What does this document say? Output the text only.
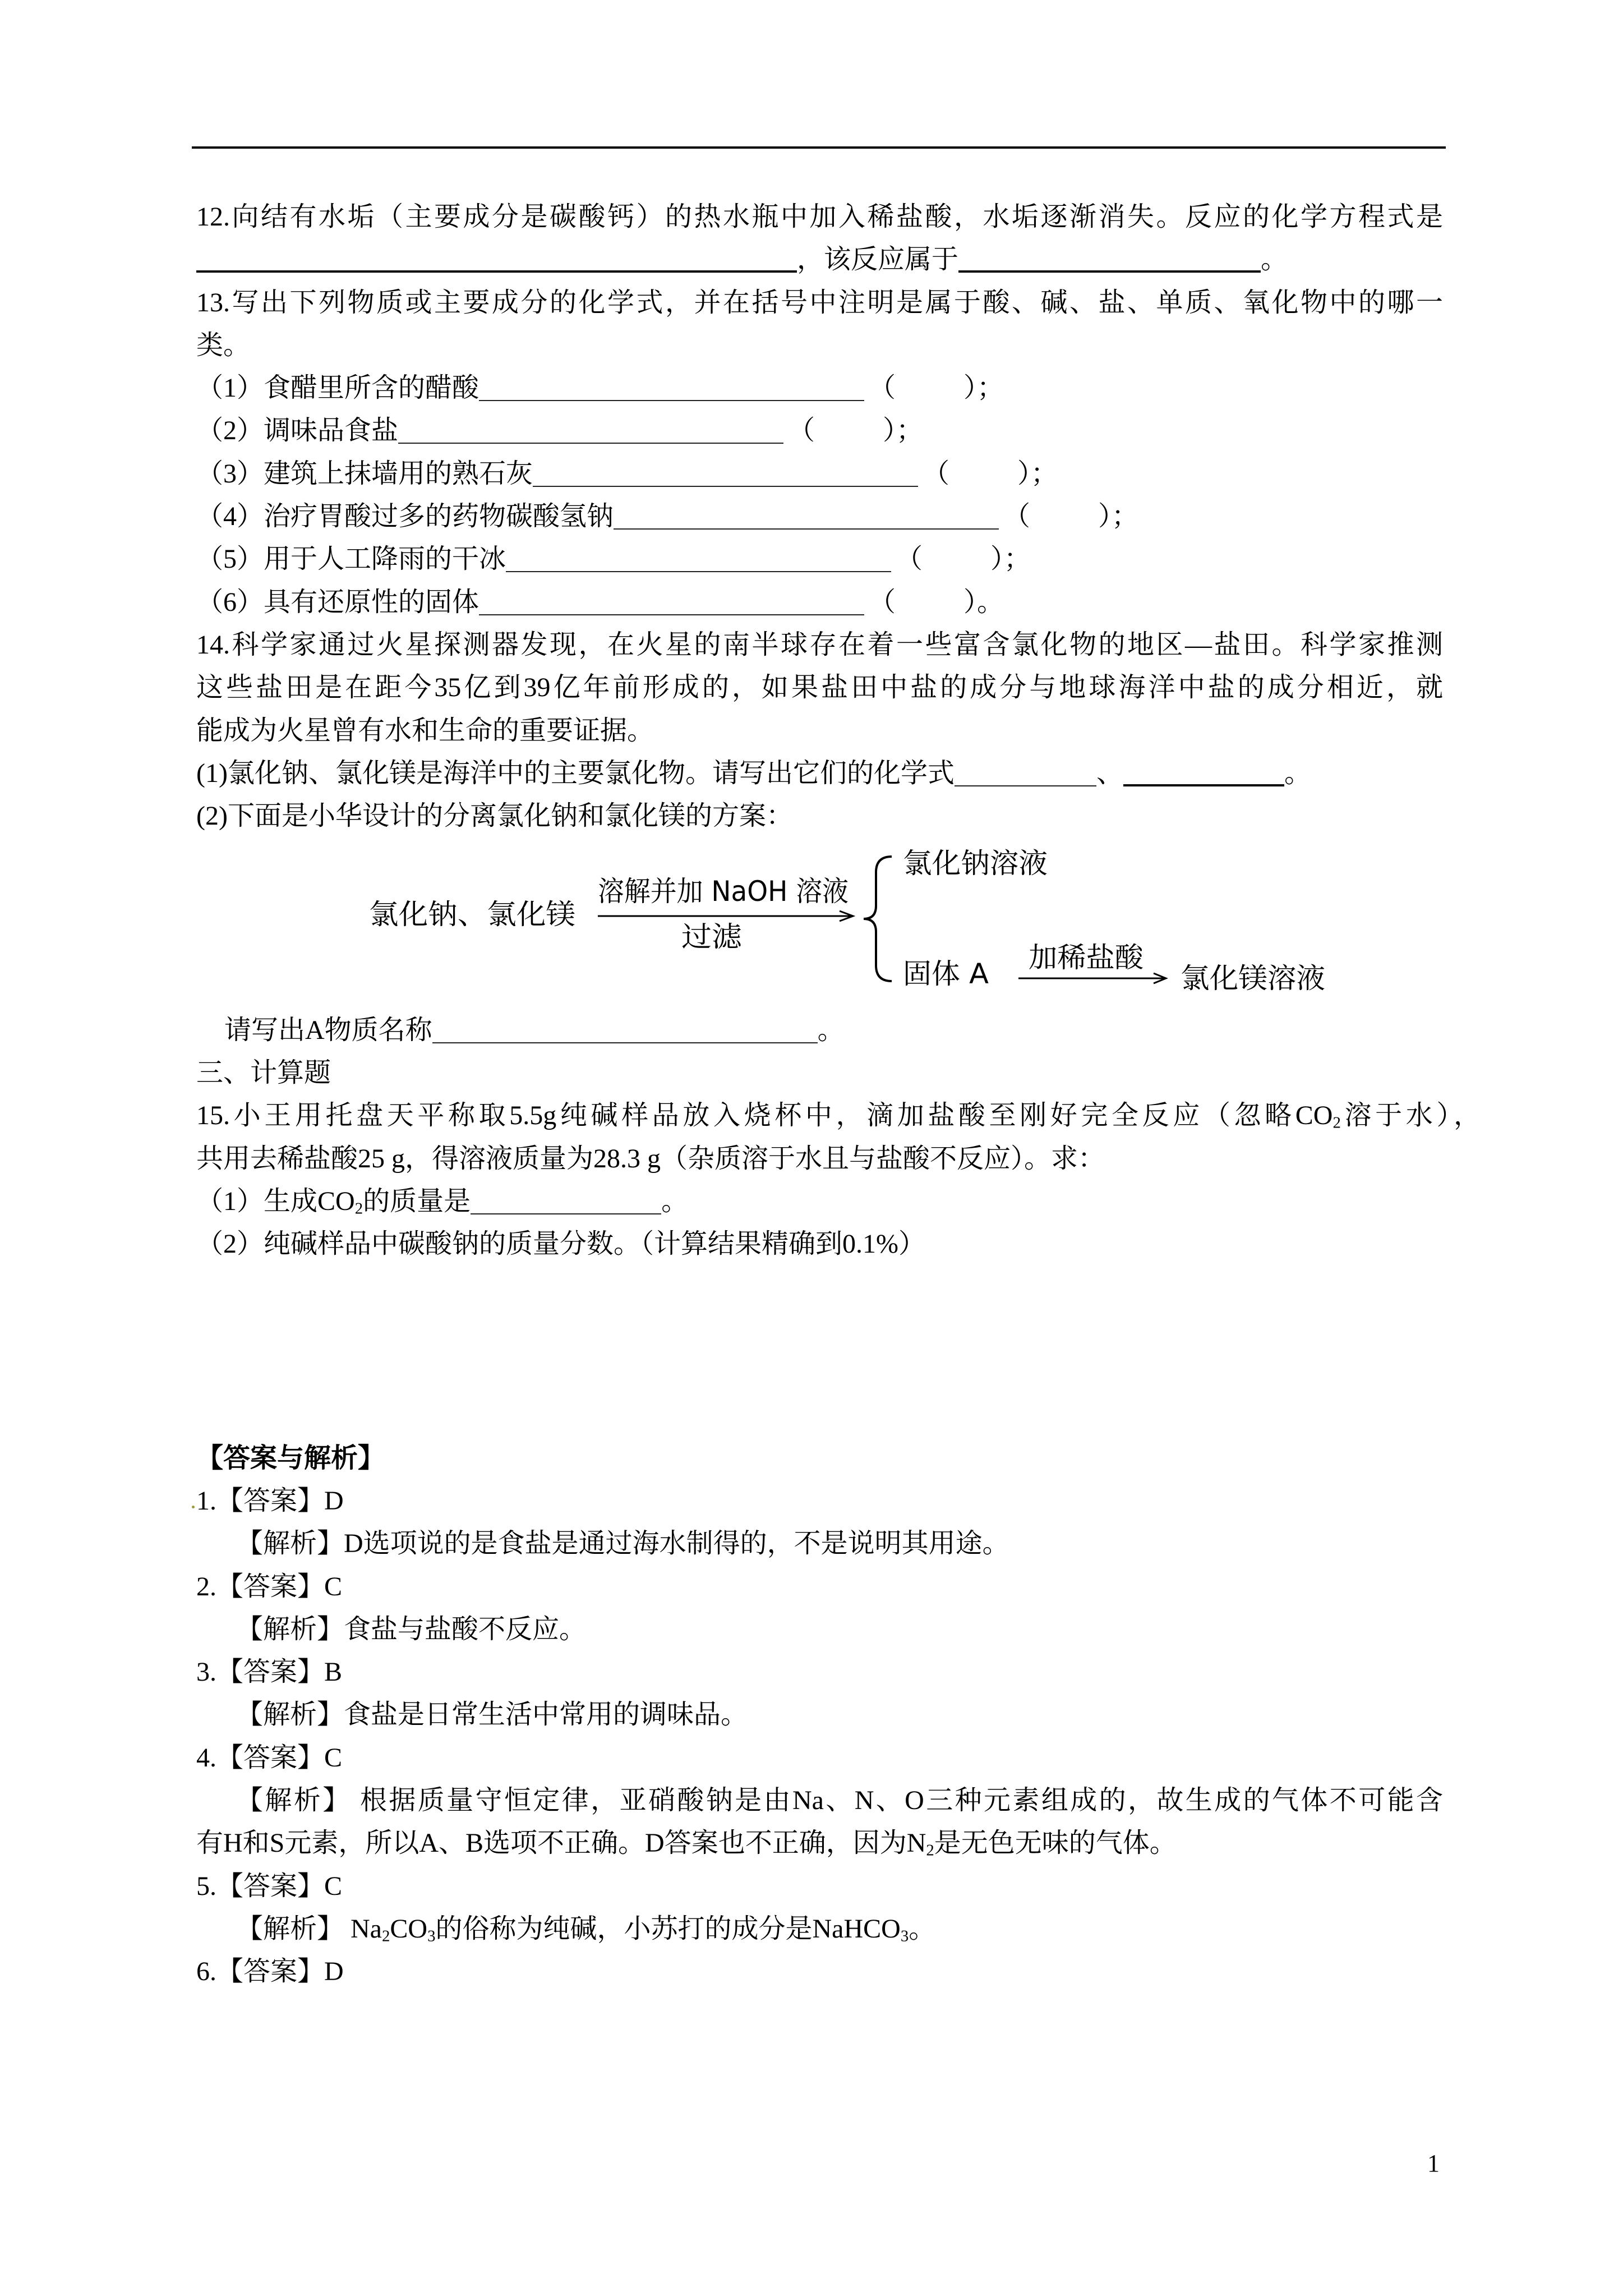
12.向结有水垢（主要成分是碳酸钙）的热水瓶中加入稀盐酸，水垢逐渐消失。反应的化学方程式是
，该反应属于	。
13.写出下列物质或主要成分的化学式，并在括号中注明是属于酸、碱、盐、单质、氧化物中的哪一
类。
（1）食醋里所含的醋酸	（	）；
（2）调味品食盐	（	）；
（3）建筑上抹墙用的熟石灰	（	）；
（4）治疗胃酸过多的药物碳酸氢钠	（	）；
（5）用于人工降雨的干冰	（	）；
（6）具有还原性的固体	（	）。
14.科学家通过火星探测器发现，在火星的南半球存在着一些富含氯化物的地区—盐田。科学家推测
这些盐田是在距今35亿到39亿年前形成的，如果盐田中盐的成分与地球海洋中盐的成分相近，就
能成为火星曾有水和生命的重要证据。
(1)氯化钠、氯化镁是海洋中的主要氯化物。请写出它们的化学式	、	。
(2)下面是小华设计的分离氯化钠和氯化镁的方案：
氯化钠、氯化镁
溶解并加 NaOH 溶液
过滤
氯化钠溶液
固体 A 加稀盐酸
氯化镁溶液
请写出A物质名称	。
三、计算题
15.小王用托盘天平称取5.5g纯碱样品放入烧杯中，滴加盐酸至刚好完全反应（忽略$CO_2$溶于水），
共用去稀盐酸25 g，得溶液质量为28.3 g（杂质溶于水且与盐酸不反应）。求：
（1）生成$CO_2$的质量是	。
（2）纯碱样品中碳酸钠的质量分数。（计算结果精确到0.1%）
【答案与解析】
1.【答案】D
【解析】D选项说的是食盐是通过海水制得的，不是说明其用途。
2.【答案】C
【解析】食盐与盐酸不反应。
3.【答案】B
【解析】食盐是日常生活中常用的调味品。
4.【答案】C
【解析】 根据质量守恒定律，亚硝酸钠是由Na、N、O三种元素组成的，故生成的气体不可能含
有H和S元素，所以A、B选项不正确。D答案也不正确，因为$N_2$是无色无味的气体。
5.【答案】C
【解析】 $Na_2CO_3$的俗称为纯碱，小苏打的成分是NaHCO$_3$。
6.【答案】D
1
